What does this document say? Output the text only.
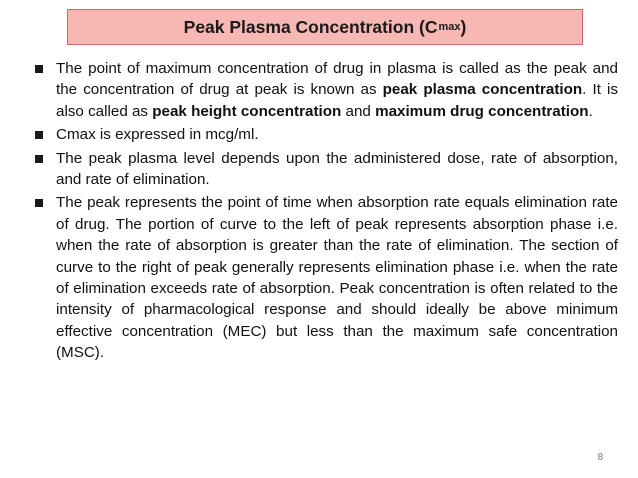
Peak Plasma Concentration (C max )
The point of maximum concentration of drug in plasma is called as the peak and the concentration of drug at peak is known as peak plasma concentration. It is also called as peak height concentration and maximum drug concentration.
Cmax is expressed in mcg/ml.
The peak plasma level depends upon the administered dose, rate of absorption, and rate of elimination.
The peak represents the point of time when absorption rate equals elimination rate of drug. The portion of curve to the left of peak represents absorption phase i.e. when the rate of absorption is greater than the rate of elimination. The section of curve to the right of peak generally represents elimination phase i.e. when the rate of elimination exceeds rate of absorption. Peak concentration is often related to the intensity of pharmacological response and should ideally be above minimum effective concentration (MEC) but less than the maximum safe concentration (MSC).
8
